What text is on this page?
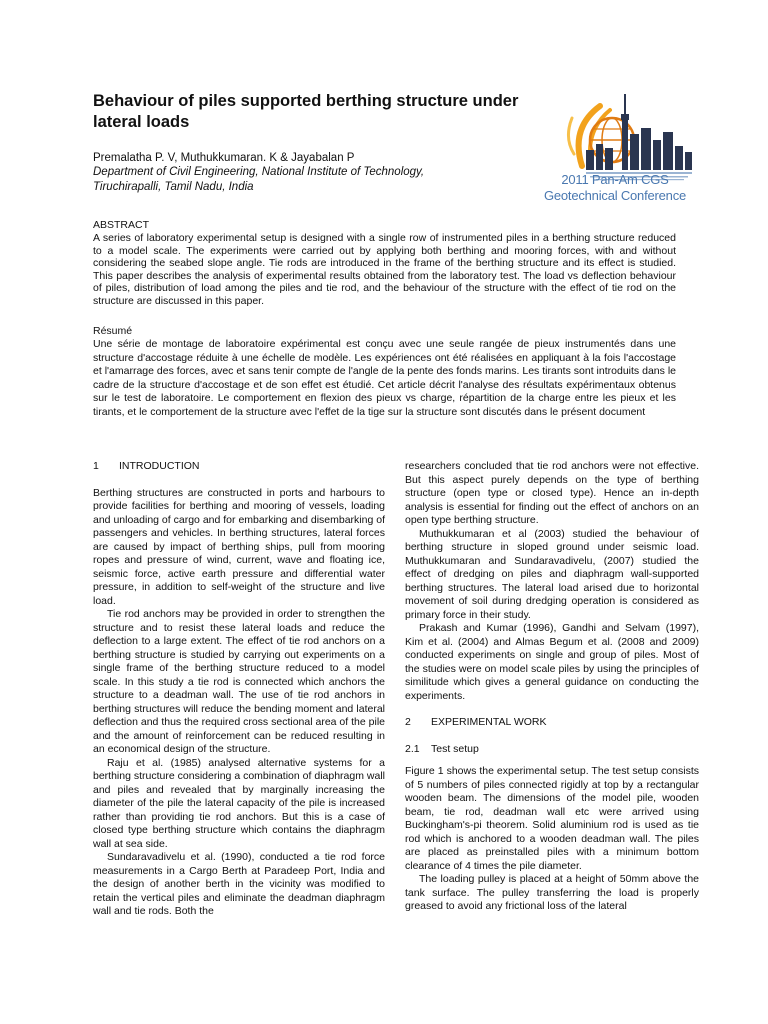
Behaviour of piles supported berthing structure under lateral loads

Premalatha P. V, Muthukkumaran. K & Jayabalan P

Department of Civil Engineering, National Institute of Technology, Tiruchirapalli, Tamil Nadu, India	2011 Pan-Am CGS

Geotechnical Conference

ABSTRACT

A series of laboratory experimental setup is designed with a single row of instrumented piles in a berthing structure reduced to a model scale. The experiments were carried out by applying both berthing and mooring forces, with and without considering the seabed slope angle. Tie rods are introduced in the frame of the berthing structure and its effect is studied. This paper describes the analysis of experimental results obtained from the laboratory test. The load vs deflection behaviour of piles, distribution of load among the piles and tie rod, and the behaviour of the structure with the effect of tie rod on the structure are discussed in this paper.

Résumé

Une série de montage de laboratoire expérimental est conçu avec une seule rangée de pieux instrumentés dans une structure d'accostage réduite à une échelle de modèle. Les expériences ont été réalisées en appliquant à la fois l'accostage et l'amarrage des forces, avec et sans tenir compte de l'angle de la pente des fonds marins. Les tirants sont introduits dans le cadre de la structure d'accostage et de son effet est étudié. Cet article décrit l'analyse des résultats expérimentaux obtenus sur le test de laboratoire. Le comportement en flexion des pieux vs charge, répartition de la charge entre les pieux et les tirants, et le comportement de la structure avec l'effet de la tige sur la structure sont discutés dans le présent document

1	INTRODUCTION

Berthing structures are constructed in ports and harbours to provide facilities for berthing and mooring of vessels, loading and unloading of cargo and for embarking and disembarking of passengers and vehicles. In berthing structures, lateral forces are caused by impact of berthing ships, pull from mooring ropes and pressure of wind, current, wave and floating ice, seismic force, active earth pressure and differential water pressure, in addition to self-weight of the structure and live load.

Tie rod anchors may be provided in order to strengthen the structure and to resist these lateral loads and reduce the deflection to a large extent. The effect of tie rod anchors on a berthing structure is studied by carrying out experiments on a single frame of the berthing structure reduced to a model scale. In this study a tie rod is connected which anchors the structure to a deadman wall. The use of tie rod anchors in berthing structures will reduce the bending moment and lateral deflection and thus the required cross sectional area of the pile and the amount of reinforcement can be reduced resulting in an economical design of the structure.

Raju et al. (1985) analysed alternative systems for a berthing structure considering a combination of diaphragm wall and piles and revealed that by marginally increasing the diameter of the pile the lateral capacity of the pile is increased rather than providing tie rod anchors. But this is a case of closed type berthing structure which contains the diaphragm wall at sea side.

Sundaravadivelu et al. (1990), conducted a tie rod force measurements in a Cargo Berth at Paradeep Port, India and the design of another berth in the vicinity was modified to retain the vertical piles and eliminate the deadman diaphragm wall and tie rods. Both the

researchers concluded that tie rod anchors were not effective. But this aspect purely depends on the type of berthing structure (open type or closed type). Hence an in-depth analysis is essential for finding out the effect of anchors on an open type berthing structure.

Muthukkumaran et al (2003) studied the behaviour of berthing structure in sloped ground under seismic load. Muthukkumaran and Sundaravadivelu, (2007) studied the effect of dredging on piles and diaphragm wall-supported berthing structures. The lateral load arised due to horizontal movement of soil during dredging operation is considered as primary force in their study.

Prakash and Kumar (1996), Gandhi and Selvam (1997), Kim et al. (2004) and Almas Begum et al. (2008 and 2009) conducted experiments on single and group of piles. Most of the studies were on model scale piles by using the principles of similitude which gives a general guidance on conducting the experiments.

2	EXPERIMENTAL WORK
2.1	Test setup

Figure 1 shows the experimental setup. The test setup consists of 5 numbers of piles connected rigidly at top by a rectangular wooden beam. The dimensions of the model pile, wooden beam, tie rod, deadman wall etc were arrived using Buckingham's-pi theorem. Solid aluminium rod is used as tie rod which is anchored to a wooden deadman wall. The piles are placed as preinstalled piles with a minimum bottom clearance of 4 times the pile diameter.

The loading pulley is placed at a height of 50mm above the tank surface. The pulley transferring the load is properly greased to avoid any frictional loss of the lateral
